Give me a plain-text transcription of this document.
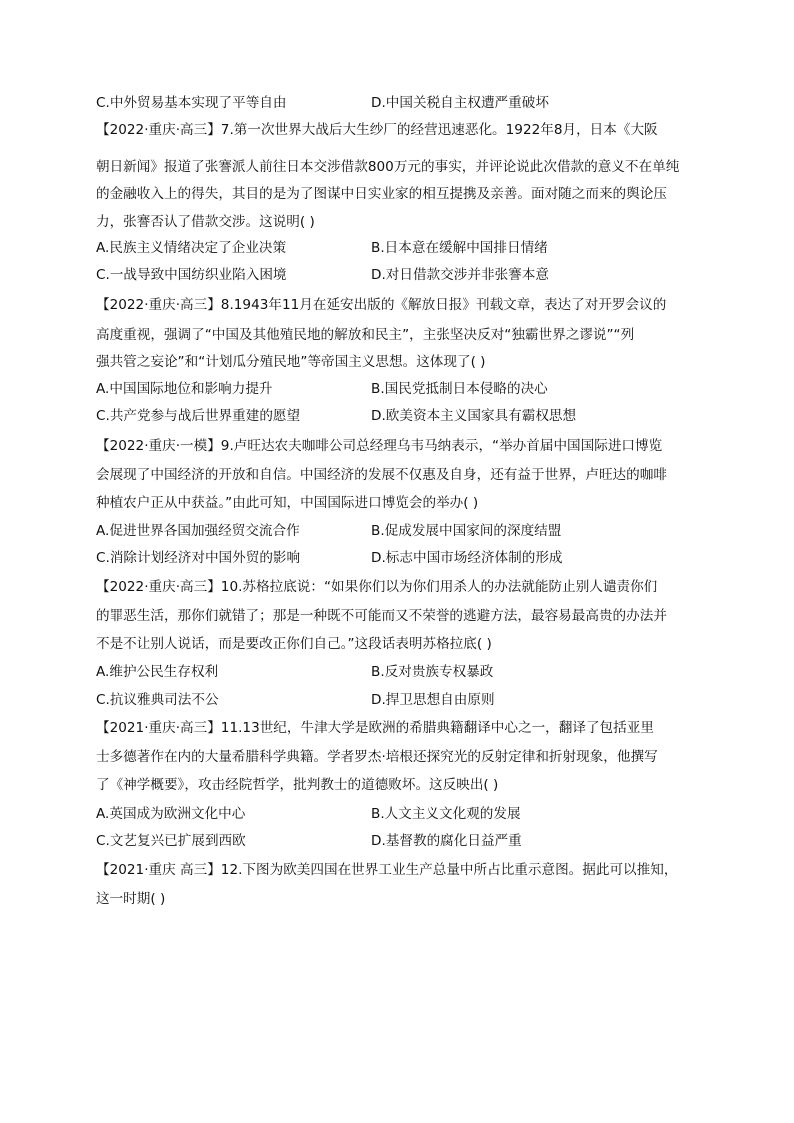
C.中外贸易基本实现了平等自由	D.中国关税自主权遭严重破坏
【2022·重庆·高三】7.第一次世界大战后大生纱厂的经营迅速恶化。1922年8月，日本《大阪
朝日新闻》报道了张謇派人前往日本交涉借款800万元的事实，并评论说此次借款的意义不在单纯
的金融收入上的得失，其目的是为了图谋中日实业家的相互提携及亲善。面对随之而来的舆论压
力，张謇否认了借款交涉。这说明( )
A.民族主义情绪决定了企业决策	B.日本意在缓解中国排日情绪
C.一战导致中国纺织业陷入困境	D.对日借款交涉并非张謇本意
【2022·重庆·高三】8.1943年11月在延安出版的《解放日报》刊载文章，表达了对开罗会议的
高度重视，强调了“中国及其他殖民地的解放和民主”，主张坚决反对“独霸世界之谬说”“列
强共管之妄论”和“计划瓜分殖民地”等帝国主义思想。这体现了( )
A.中国国际地位和影响力提升	B.国民党抵制日本侵略的决心
C.共产党参与战后世界重建的愿望	D.欧美资本主义国家具有霸权思想
【2022·重庆·一模】9.卢旺达农夫咖啡公司总经理乌韦马纳表示，“举办首届中国国际进口博览
会展现了中国经济的开放和自信。中国经济的发展不仅惠及自身，还有益于世界，卢旺达的咖啡
种植农户正从中获益。”由此可知，中国国际进口博览会的举办( )
A.促进世界各国加强经贸交流合作	B.促成发展中国家间的深度结盟
C.消除计划经济对中国外贸的影响	D.标志中国市场经济体制的形成
【2022·重庆·高三】10.苏格拉底说：“如果你们以为你们用杀人的办法就能防止别人谴责你们
的罪恶生活，那你们就错了；那是一种既不可能而又不荣誉的逃避方法，最容易最高贵的办法并
不是不让别人说话，而是要改正你们自己。”这段话表明苏格拉底( )
A.维护公民生存权利	B.反对贵族专权暴政
C.抗议雅典司法不公	D.捍卫思想自由原则
【2021·重庆·高三】11.13世纪，牛津大学是欧洲的希腊典籍翻译中心之一，翻译了包括亚里
士多德著作在内的大量希腊科学典籍。学者罗杰·培根还探究光的反射定律和折射现象，他撰写
了《神学概要》，攻击经院哲学，批判教士的道德败坏。这反映出( )
A.英国成为欧洲文化中心	B.人文主义文化观的发展
C.文艺复兴已扩展到西欧	D.基督教的腐化日益严重
【2021·重庆 高三】12.下图为欧美四国在世界工业生产总量中所占比重示意图。据此可以推知，
这一时期( )
